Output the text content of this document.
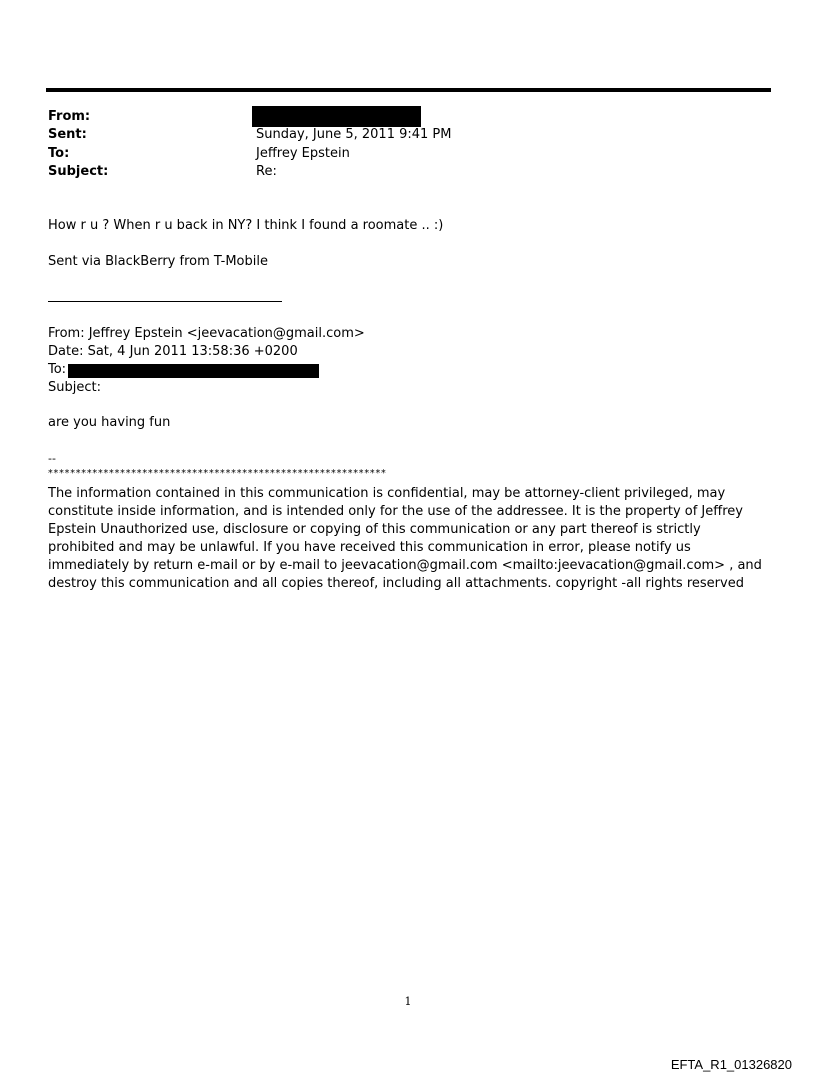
From:
Sent:	Sunday, June 5, 2011 9:41 PM
To:	Jeffrey Epstein
Subject:	Re:
How r u ? When r u back in NY? I think I found a roomate .. :)
Sent via BlackBerry from T-Mobile
From: Jeffrey Epstein <jeevacation@gmail.com>
Date: Sat, 4 Jun 2011 13:58:36 +0200
To:
Subject:
are you having fun
--
*************************************************************
The information contained in this communication is confidential, may be attorney-client privileged, may constitute inside information, and is intended only for the use of the addressee. It is the property of Jeffrey Epstein Unauthorized use, disclosure or copying of this communication or any part thereof is strictly prohibited and may be unlawful. If you have received this communication in error, please notify us immediately by return e-mail or by e-mail to jeevacation@gmail.com <mailto:jeevacation@gmail.com> , and destroy this communication and all copies thereof, including all attachments. copyright -all rights reserved
1
EFTA_R1_01326820
